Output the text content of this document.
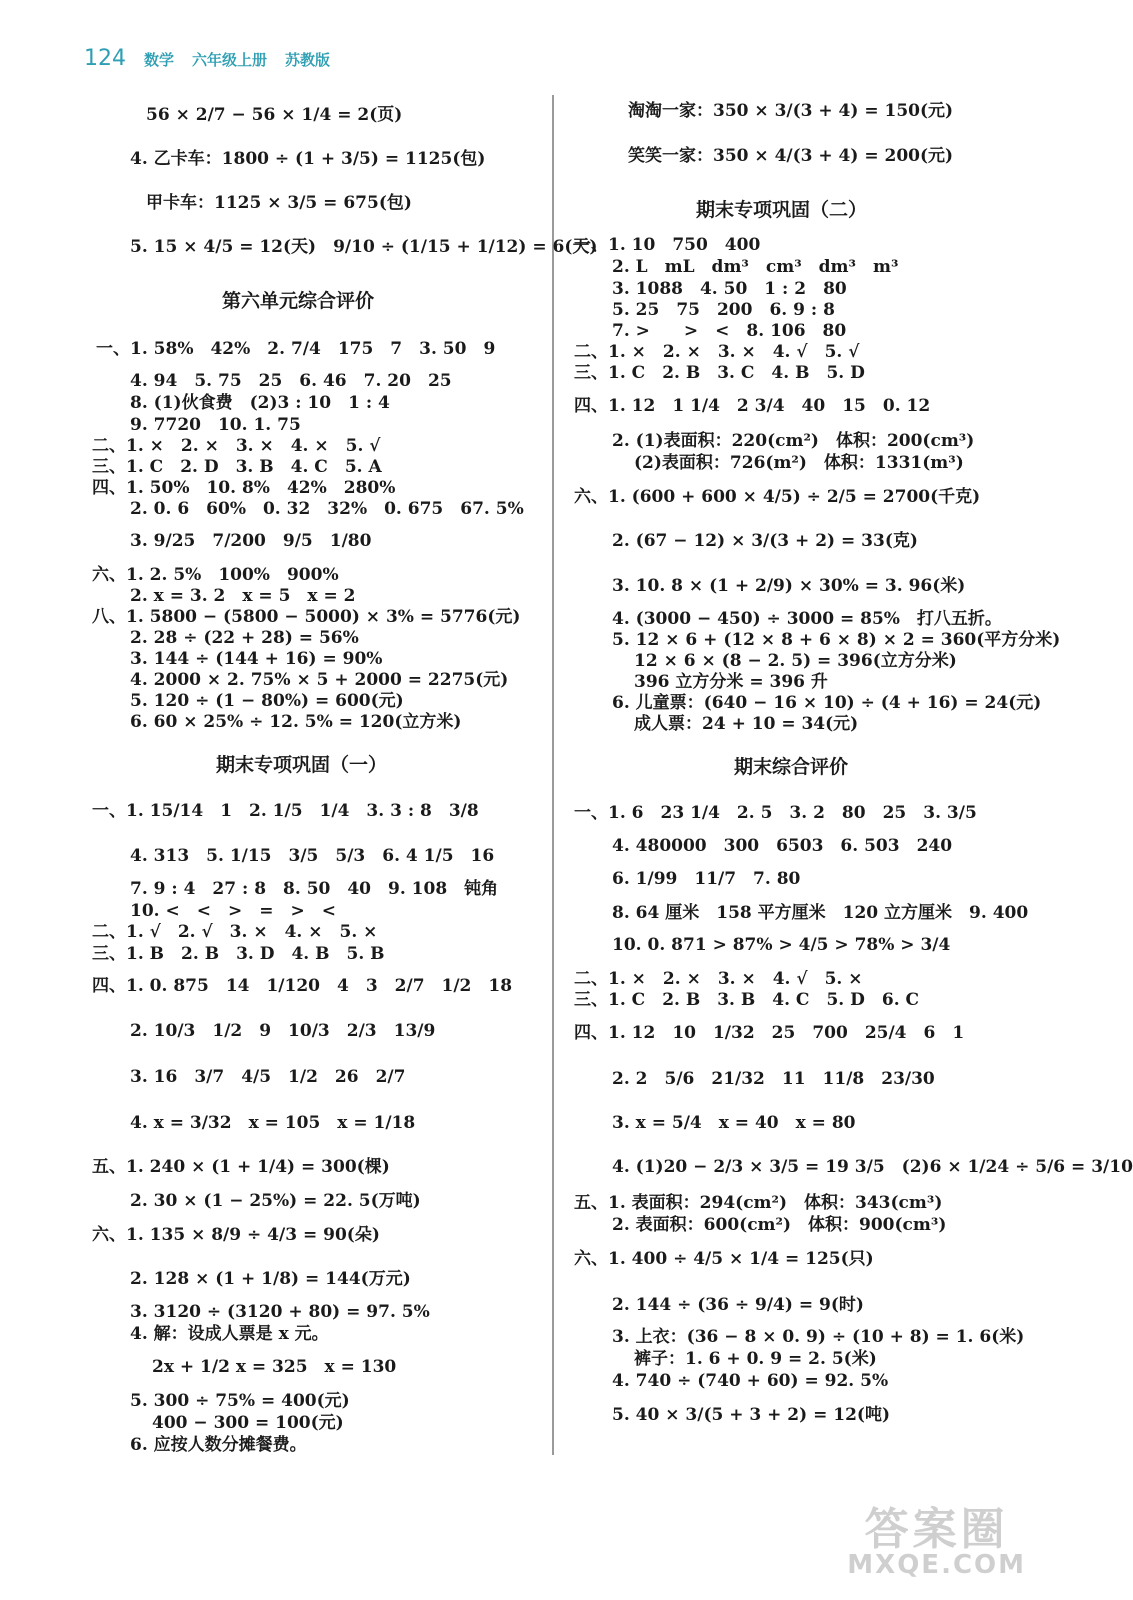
124 数学 六年级上册 苏教版
56 × 2/7 − 56 × 1/4 = 2(页)
4. 乙卡车：1800 ÷ (1 + 3/5) = 1125(包)
甲卡车：1125 × 3/5 = 675(包)
5. 15 × 4/5 = 12(天)　9/10 ÷ (1/15 + 1/12) = 6(天)
第六单元综合评价
一、1. 58%　42%　2. 7/4　175　7　3. 50　9
4. 94　5. 75　25　6. 46　7. 20　25
8. (1)伙食费　(2)3 : 10　1 : 4
9. 7720　10. 1. 75
二、1. ×　2. ×　3. ×　4. ×　5. √
三、1. C　2. D　3. B　4. C　5. A
四、1. 50%　10. 8%　42%　280%
2. 0. 6　60%　0. 32　32%　0. 675　67. 5%
3. 9/25　7/200　9/5　1/80
六、1. 2. 5%　100%　900%
2. x = 3. 2　x = 5　x = 2
八、1. 5800 − (5800 − 5000) × 3% = 5776(元)
2. 28 ÷ (22 + 28) = 56%
3. 144 ÷ (144 + 16) = 90%
4. 2000 × 2. 75% × 5 + 2000 = 2275(元)
5. 120 ÷ (1 − 80%) = 600(元)
6. 60 × 25% ÷ 12. 5% = 120(立方米)
期末专项巩固（一）
一、1. 15/14　1　2. 1/5　1/4　3. 3 : 8　3/8
4. 313　5. 1/15　3/5　5/3　6. 4 1/5　16
7. 9 : 4　27 : 8　8. 50　40　9. 108　钝角
10. <　<　>　=　>　<
二、1. √　2. √　3. ×　4. ×　5. ×
三、1. B　2. B　3. D　4. B　5. B
四、1. 0. 875　14　1/120　4　3　2/7　1/2　18
2. 10/3　1/2　9　10/3　2/3　13/9
3. 16　3/7　4/5　1/2　26　2/7
4. x = 3/32　x = 105　x = 1/18
五、1. 240 × (1 + 1/4) = 300(棵)
2. 30 × (1 − 25%) = 22. 5(万吨)
六、1. 135 × 8/9 ÷ 4/3 = 90(朵)
2. 128 × (1 + 1/8) = 144(万元)
3. 3120 ÷ (3120 + 80) = 97. 5%
4. 解：设成人票是 x 元。
2x + 1/2 x = 325　x = 130
5. 300 ÷ 75% = 400(元)
400 − 300 = 100(元)
6. 应按人数分摊餐费。
淘淘一家：350 × 3/(3 + 4) = 150(元)
笑笑一家：350 × 4/(3 + 4) = 200(元)
期末专项巩固（二）
一、1. 10　750　400
2. L　mL　dm³　cm³　dm³　m³
3. 1088　4. 50　1 : 2　80
5. 25　75　200　6. 9 : 8
7. >　　>　<　8. 106　80
二、1. ×　2. ×　3. ×　4. √　5. √
三、1. C　2. B　3. C　4. B　5. D
四、1. 12　1 1/4　2 3/4　40　15　0. 12
2. (1)表面积：220(cm²)　体积：200(cm³)
(2)表面积：726(m²)　体积：1331(m³)
六、1. (600 + 600 × 4/5) ÷ 2/5 = 2700(千克)
2. (67 − 12) × 3/(3 + 2) = 33(克)
3. 10. 8 × (1 + 2/9) × 30% = 3. 96(米)
4. (3000 − 450) ÷ 3000 = 85%　打八五折。
5. 12 × 6 + (12 × 8 + 6 × 8) × 2 = 360(平方分米)
12 × 6 × (8 − 2. 5) = 396(立方分米)
396 立方分米 = 396 升
6. 儿童票：(640 − 16 × 10) ÷ (4 + 16) = 24(元)
成人票：24 + 10 = 34(元)
期末综合评价
一、1. 6　23 1/4　2. 5　3. 2　80　25　3. 3/5
4. 480000　300　6503　6. 503　240
6. 1/99　11/7　7. 80
8. 64 厘米　158 平方厘米　120 立方厘米　9. 400
10. 0. 871 > 87% > 4/5 > 78% > 3/4
二、1. ×　2. ×　3. ×　4. √　5. ×
三、1. C　2. B　3. B　4. C　5. D　6. C
四、1. 12　10　1/32　25　700　25/4　6　1
2. 2　5/6　21/32　11　11/8　23/30
3. x = 5/4　x = 40　x = 80
4. (1)20 − 2/3 × 3/5 = 19 3/5　(2)6 × 1/24 ÷ 5/6 = 3/10
五、1. 表面积：294(cm²)　体积：343(cm³)
2. 表面积：600(cm²)　体积：900(cm³)
六、1. 400 ÷ 4/5 × 1/4 = 125(只)
2. 144 ÷ (36 ÷ 9/4) = 9(时)
3. 上衣：(36 − 8 × 0. 9) ÷ (10 + 8) = 1. 6(米)
裤子：1. 6 + 0. 9 = 2. 5(米)
4. 740 ÷ (740 + 60) = 92. 5%
5. 40 × 3/(5 + 3 + 2) = 12(吨)
答案圈
MXQE.COM
